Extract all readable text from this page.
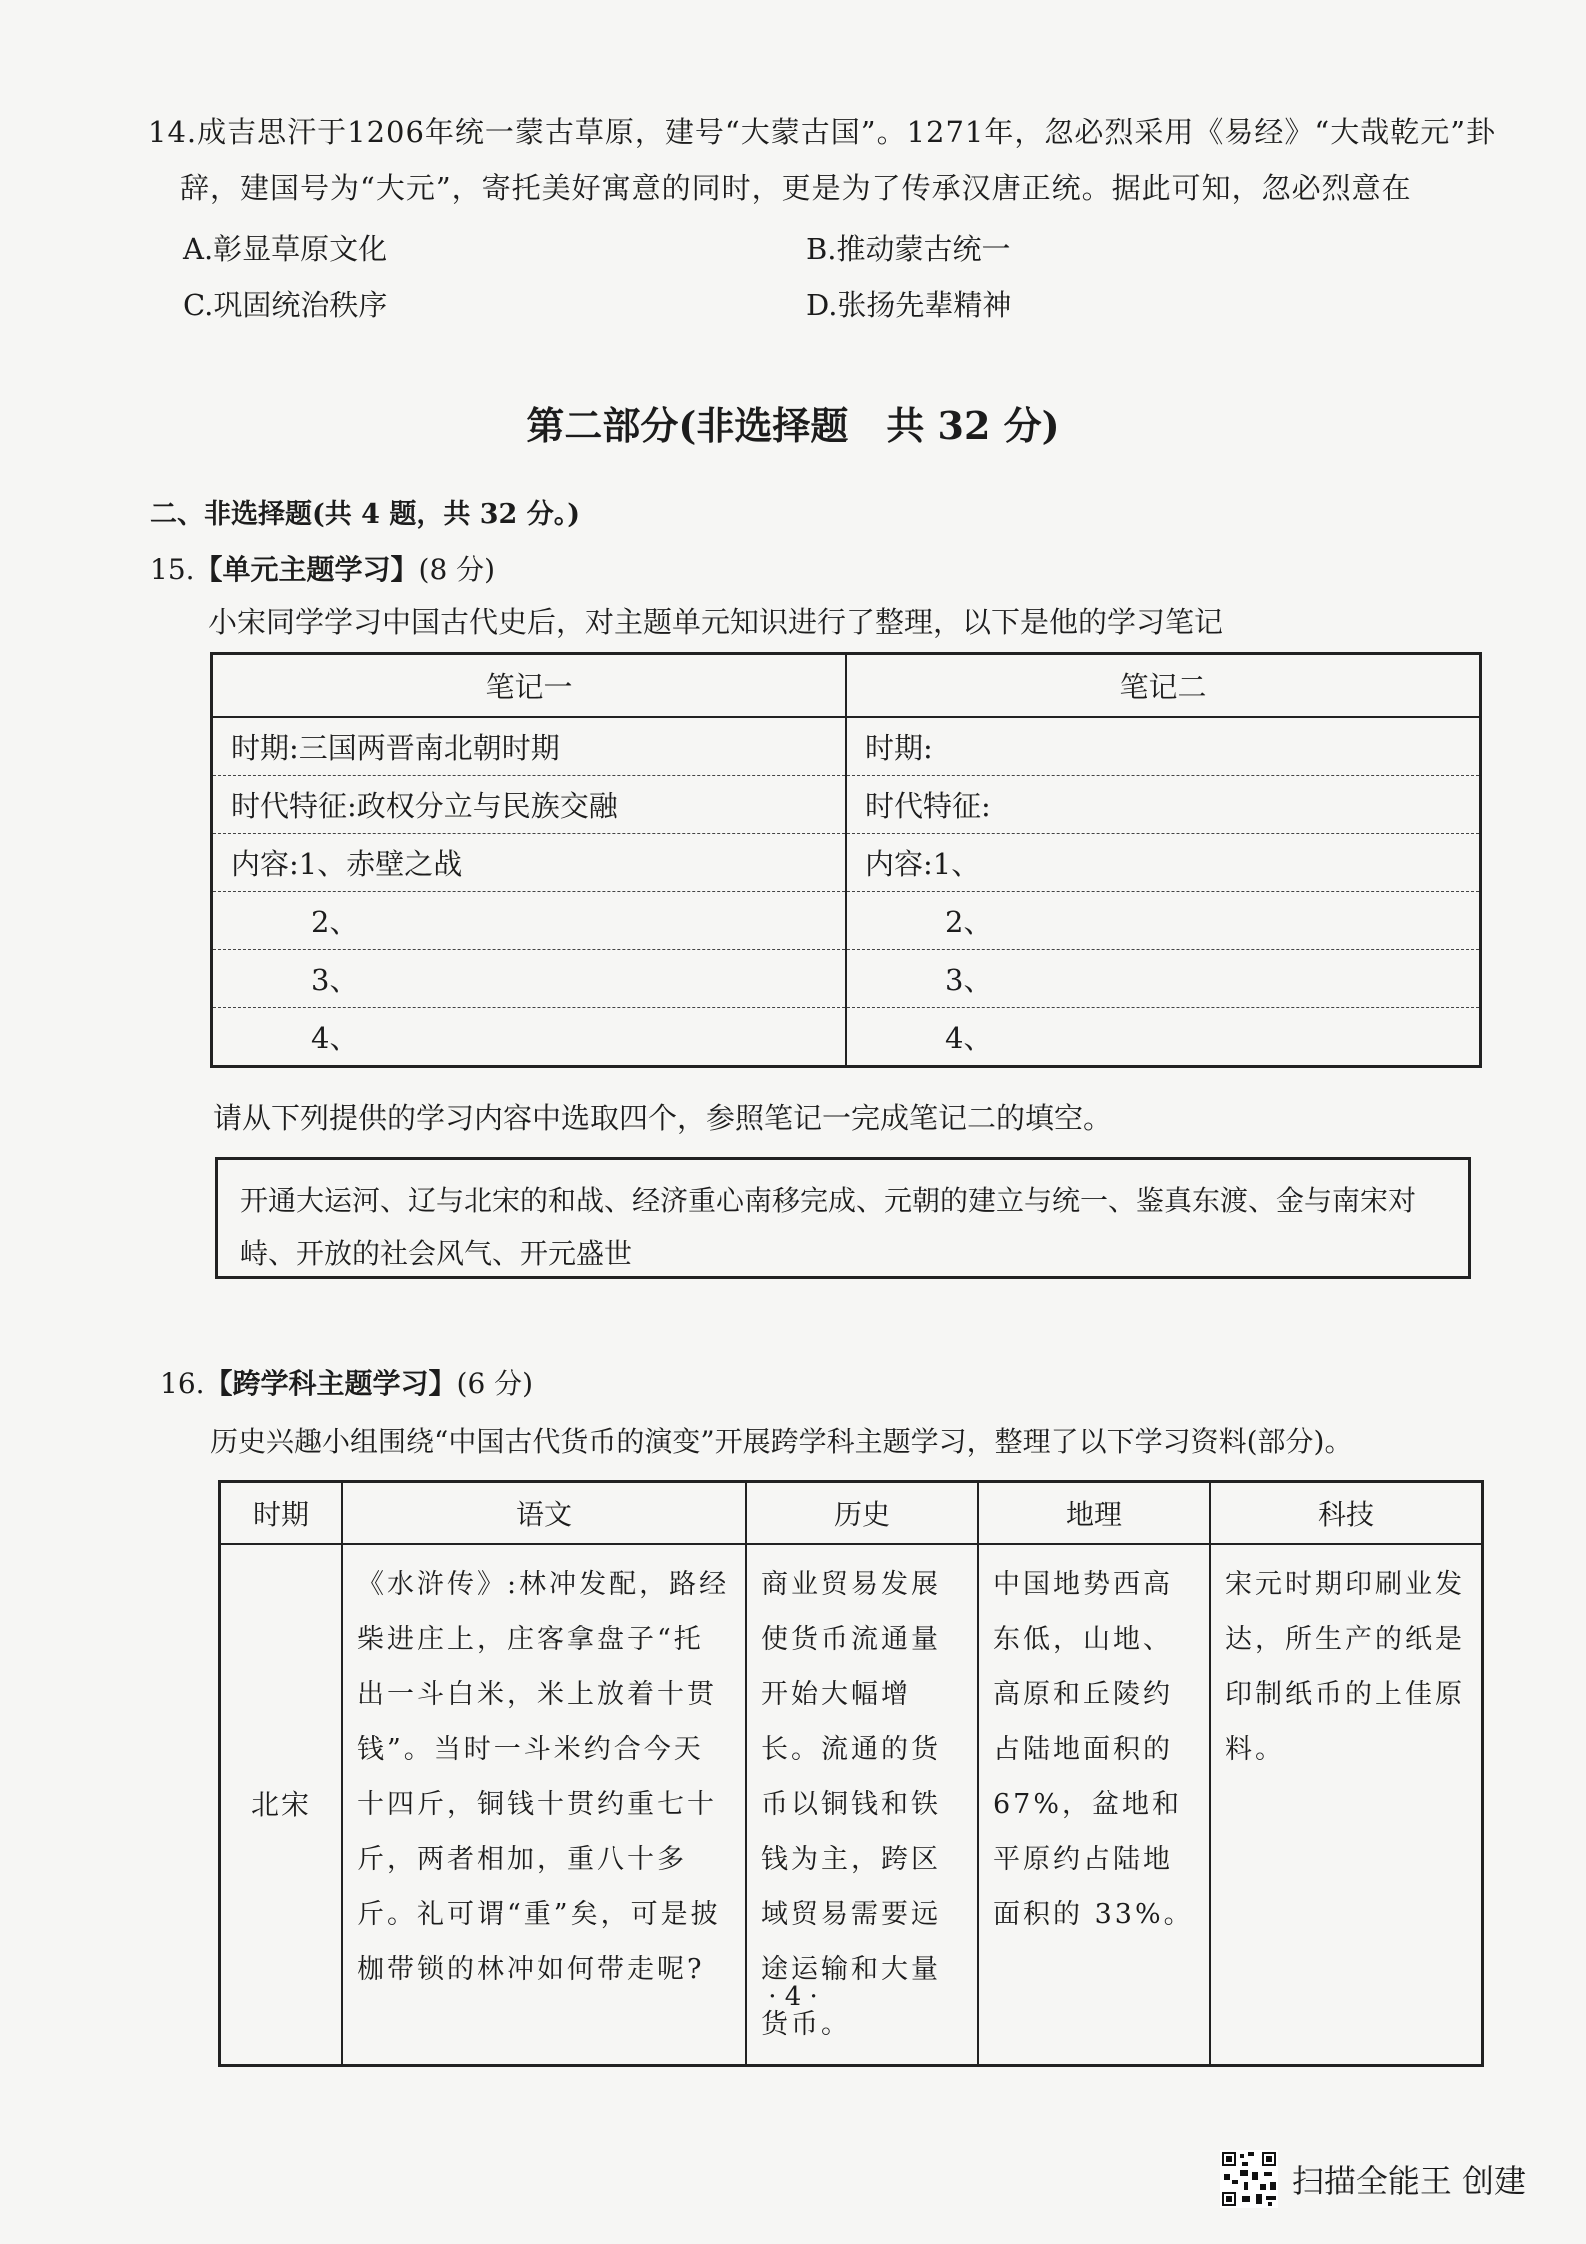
14.成吉思汗于1206年统一蒙古草原，建号“大蒙古国”。1271年，忽必烈采用《易经》“大哉乾元”卦
辞，建国号为“大元”，寄托美好寓意的同时，更是为了传承汉唐正统。据此可知，忽必烈意在
A.彰显草原文化	B.推动蒙古统一
C.巩固统治秩序	D.张扬先辈精神
第二部分(非选择题　共 32 分)
二、非选择题(共 4 题，共 32 分。)
15.【单元主题学习】(8 分)
小宋同学学习中国古代史后，对主题单元知识进行了整理，以下是他的学习笔记
笔记一	笔记二
时期:三国两晋南北朝时期	时期:
时代特征:政权分立与民族交融	时代特征:
内容:1、赤壁之战	内容:1、
2、	2、
3、	3、
4、	4、
请从下列提供的学习内容中选取四个，参照笔记一完成笔记二的填空。
开通大运河、辽与北宋的和战、经济重心南移完成、元朝的建立与统一、鉴真东渡、金与南宋对峙、开放的社会风气、开元盛世
16.【跨学科主题学习】(6 分)
历史兴趣小组围绕“中国古代货币的演变”开展跨学科主题学习，整理了以下学习资料(部分)。
时期	语文	历史	地理	科技
北宋	《水浒传》:林冲发配，路经柴进庄上，庄客拿盘子“托出一斗白米，米上放着十贯钱”。当时一斗米约合今天十四斤，铜钱十贯约重七十斤，两者相加，重八十多斤。礼可谓“重”矣，可是披枷带锁的林冲如何带走呢?	商业贸易发展使货币流通量开始大幅增长。流通的货币以铜钱和铁钱为主，跨区域贸易需要远途运输和大量货币。	中国地势西高东低，山地、高原和丘陵约占陆地面积的 67%，盆地和平原约占陆地面积的 33%。	宋元时期印刷业发达，所生产的纸是印制纸币的上佳原料。
· 4 ·
扫描全能王 创建
